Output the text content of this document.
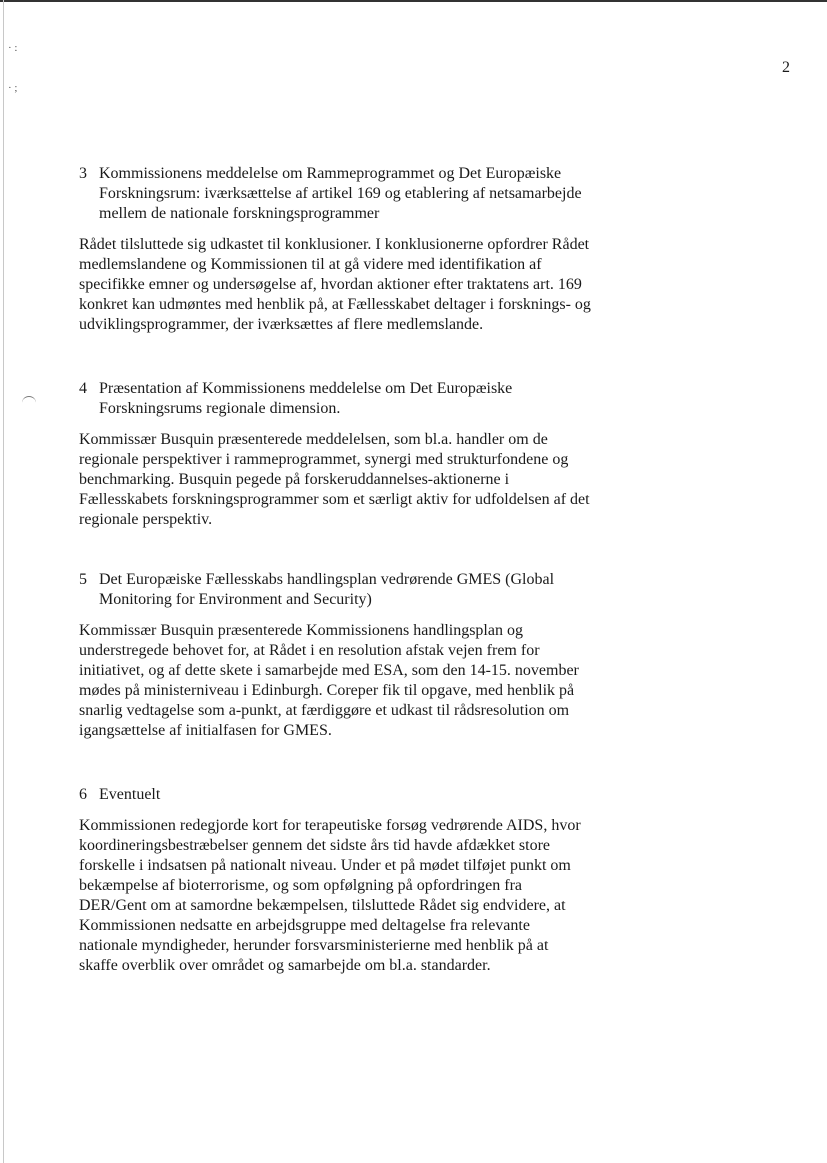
· :
· ;
2
3 Kommissionens meddelelse om Rammeprogrammet og Det Europæiske Forskningsrum: iværksættelse af artikel 169 og etablering af netsamarbejde mellem de nationale forskningsprogrammer

Rådet tilsluttede sig udkastet til konklusioner. I konklusionerne opfordrer Rådet medlemslandene og Kommissionen til at gå videre med identifikation af specifikke emner og undersøgelse af, hvordan aktioner efter traktatens art. 169 konkret kan udmøntes med henblik på, at Fællesskabet deltager i forsknings- og udviklingsprogrammer, der iværksættes af flere medlemslande.

4 Præsentation af Kommissionens meddelelse om Det Europæiske Forskningsrums regionale dimension.

Kommissær Busquin præsenterede meddelelsen, som bl.a. handler om de regionale perspektiver i rammeprogrammet, synergi med strukturfondene og benchmarking. Busquin pegede på forskeruddannelses-aktionerne i Fællesskabets forskningsprogrammer som et særligt aktiv for udfoldelsen af det regionale perspektiv.

5 Det Europæiske Fællesskabs handlingsplan vedrørende GMES (Global Monitoring for Environment and Security)

Kommissær Busquin præsenterede Kommissionens handlingsplan og understregede behovet for, at Rådet i en resolution afstak vejen frem for initiativet, og af dette skete i samarbejde med ESA, som den 14-15. november mødes på ministerniveau i Edinburgh. Coreper fik til opgave, med henblik på snarlig vedtagelse som a-punkt, at færdiggøre et udkast til rådsresolution om igangsættelse af initialfasen for GMES.

6 Eventuelt

Kommissionen redegjorde kort for terapeutiske forsøg vedrørende AIDS, hvor koordineringsbestræbelser gennem det sidste års tid havde afdækket store forskelle i indsatsen på nationalt niveau. Under et på mødet tilføjet punkt om bekæmpelse af bioterrorisme, og som opfølgning på opfordringen fra DER/Gent om at samordne bekæmpelsen, tilsluttede Rådet sig endvidere, at Kommissionen nedsatte en arbejdsgruppe med deltagelse fra relevante nationale myndigheder, herunder forsvarsministerierne med henblik på at skaffe overblik over området og samarbejde om bl.a. standarder.
